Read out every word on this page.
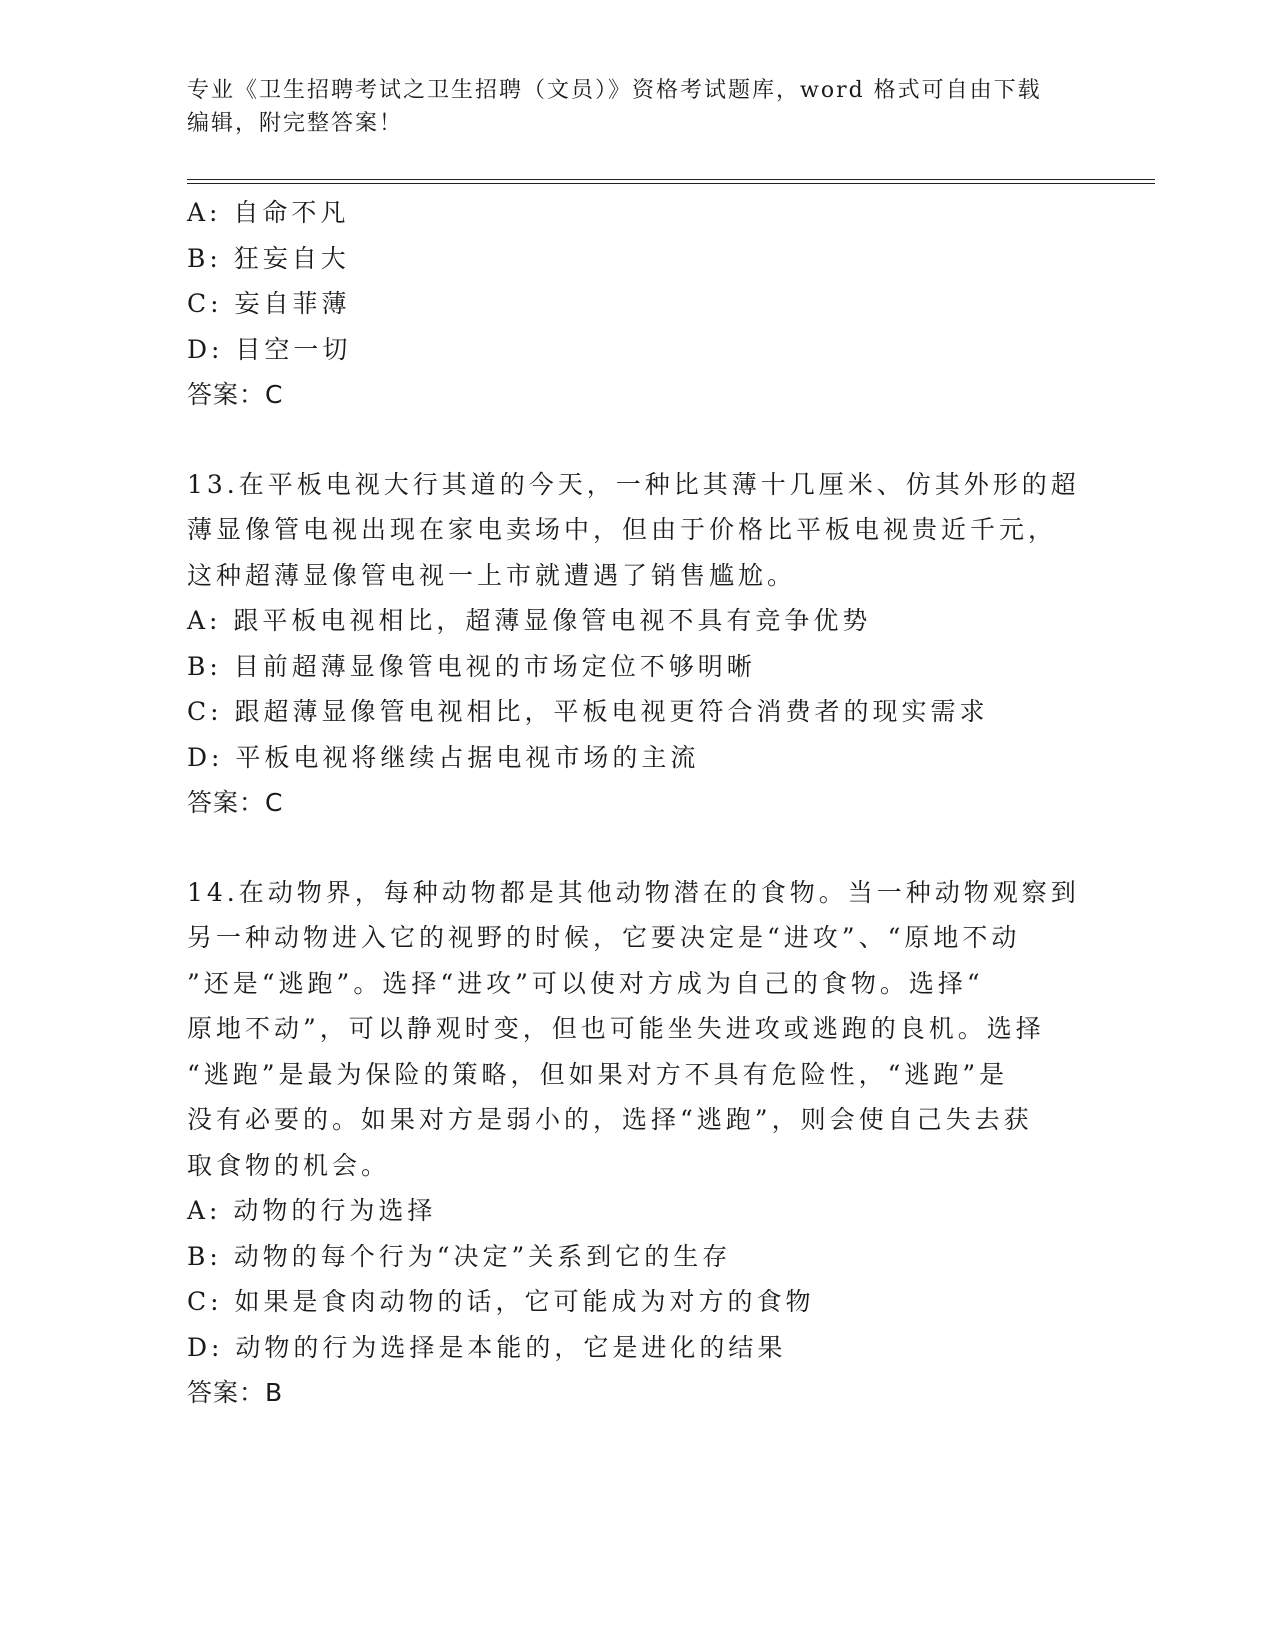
专业《卫生招聘考试之卫生招聘（文员）》资格考试题库，word 格式可自由下载
编辑，附完整答案！
A: 自命不凡
B: 狂妄自大
C: 妄自菲薄
D: 目空一切
答案：C
13.在平板电视大行其道的今天，一种比其薄十几厘米、仿其外形的超
薄显像管电视出现在家电卖场中，但由于价格比平板电视贵近千元，
这种超薄显像管电视一上市就遭遇了销售尴尬。
A: 跟平板电视相比，超薄显像管电视不具有竞争优势
B: 目前超薄显像管电视的市场定位不够明晰
C: 跟超薄显像管电视相比，平板电视更符合消费者的现实需求
D: 平板电视将继续占据电视市场的主流
答案：C
14.在动物界，每种动物都是其他动物潜在的食物。当一种动物观察到
另一种动物进入它的视野的时候，它要决定是“进攻”、“原地不动
”还是“逃跑”。选择“进攻”可以使对方成为自己的食物。选择“
原地不动”，可以静观时变，但也可能坐失进攻或逃跑的良机。选择
“逃跑”是最为保险的策略，但如果对方不具有危险性，“逃跑”是
没有必要的。如果对方是弱小的，选择“逃跑”，则会使自己失去获
取食物的机会。
A: 动物的行为选择
B: 动物的每个行为“决定”关系到它的生存
C: 如果是食肉动物的话，它可能成为对方的食物
D: 动物的行为选择是本能的，它是进化的结果
答案：B
